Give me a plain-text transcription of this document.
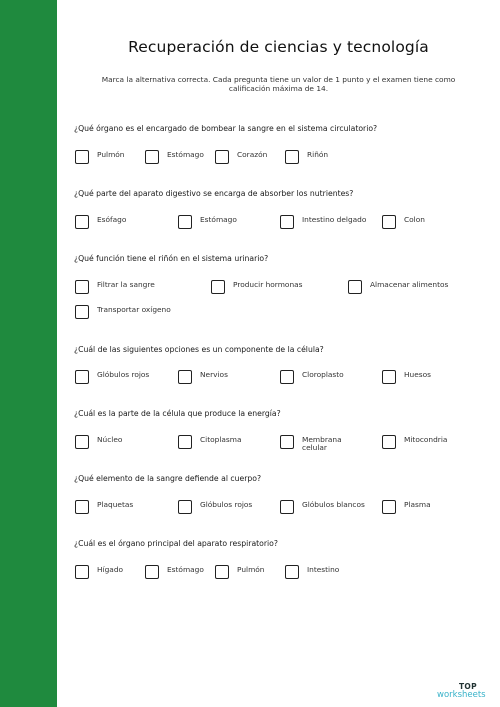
Recuperación de ciencias y tecnología
Marca la alternativa correcta. Cada pregunta tiene un valor de 1 punto y el examen tiene como calificación máxima de 14.
¿Qué órgano es el encargado de bombear la sangre en el sistema circulatorio?
Pulmón	Estómago	Corazón	Riñón
¿Qué parte del aparato digestivo se encarga de absorber los nutrientes?
Esófago	Estómago	Intestino delgado	Colon
¿Qué función tiene el riñón en el sistema urinario?
Filtrar la sangre	Producir hormonas	Almacenar alimentos
Transportar oxígeno
¿Cuál de las siguientes opciones es un componente de la célula?
Glóbulos rojos	Nervios	Cloroplasto	Huesos
¿Cuál es la parte de la célula que produce la energía?
Núcleo	Citoplasma	Membrana celular
Mitocondria
¿Qué elemento de la sangre defiende al cuerpo?
Plaquetas	Glóbulos rojos	Glóbulos blancos	Plasma
¿Cuál es el órgano principal del aparato respiratorio?
Hígado	Estómago	Pulmón	Intestino
TOP
worksheets
